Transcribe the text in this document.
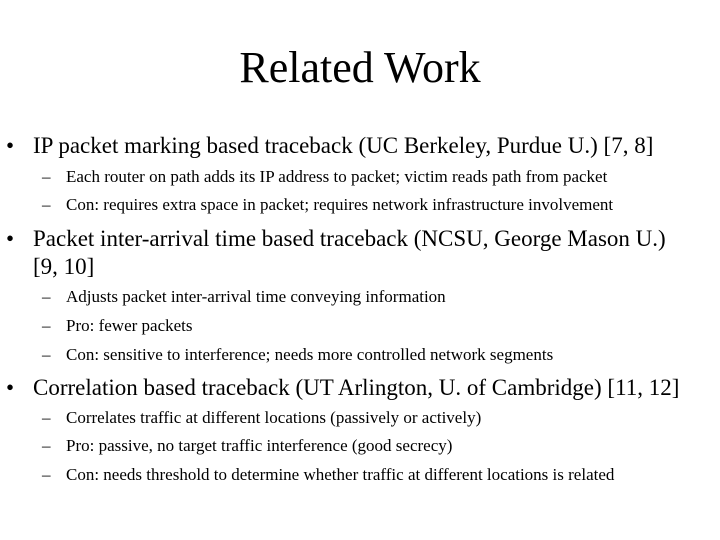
Related Work
• IP packet marking based traceback (UC Berkeley, Purdue U.) [7, 8]
– Each router on path adds its IP address to packet; victim reads path from packet
– Con: requires extra space in packet; requires network infrastructure involvement
• Packet inter-arrival time based traceback (NCSU, George Mason U.)
[9, 10]
– Adjusts packet inter-arrival time conveying information
– Pro: fewer packets
– Con: sensitive to interference; needs more controlled network segments
• Correlation based traceback (UT Arlington, U. of Cambridge) [11, 12]
– Correlates traffic at different locations (passively or actively)
– Pro: passive, no target traffic interference (good secrecy)
– Con: needs threshold to determine whether traffic at different locations is related
